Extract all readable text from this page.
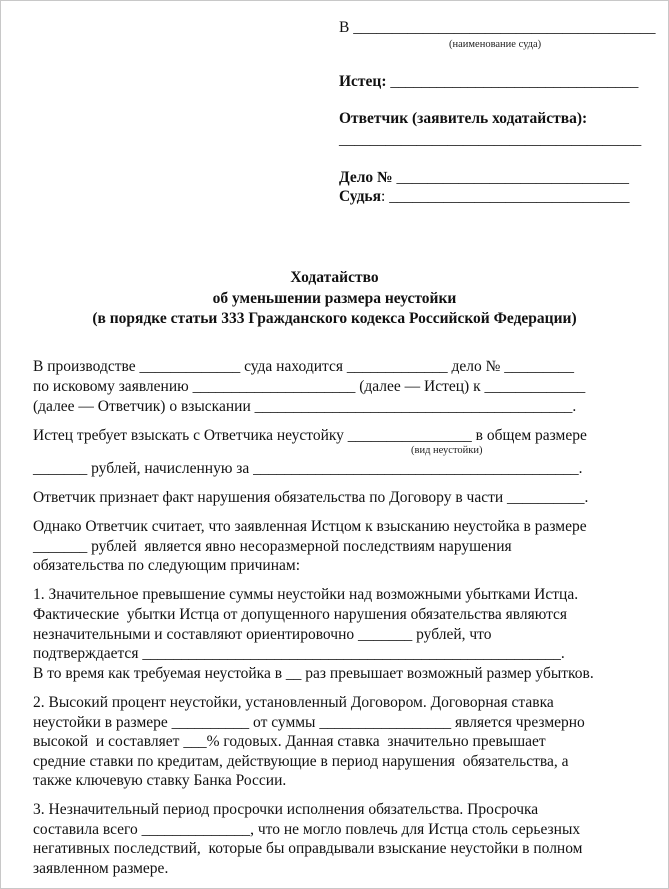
В _______________________________________
(наименование суда)
Истец: ________________________________
Ответчик (заявитель ходатайства):
_______________________________________
Дело № ______________________________
Судья: _______________________________
Ходатайство
об уменьшении размера неустойки
(в порядке статьи 333 Гражданского кодекса Российской Федерации)
В производстве _____________ суда находится _____________ дело № _________
по исковому заявлению _____________________ (далее — Истец) к _____________
(далее — Ответчик) о взыскании _________________________________________.
Истец требует взыскать с Ответчика неустойку ________________ в общем размере
(вид неустойки)
_______ рублей, начисленную за __________________________________________.
Ответчик признает факт нарушения обязательства по Договору в части __________.
Однако Ответчик считает, что заявленная Истцом к взысканию неустойка в размере
_______ рублей  является явно несоразмерной последствиям нарушения
обязательства по следующим причинам:
1. Значительное превышение суммы неустойки над возможными убытками Истца.
Фактические  убытки Истца от допущенного нарушения обязательства являются
незначительными и составляют ориентировочно _______ рублей, что
подтверждается ______________________________________________________.
В то время как требуемая неустойка в __ раз превышает возможный размер убытков.
2. Высокий процент неустойки, установленный Договором. Договорная ставка
неустойки в размере __________ от суммы _________________ является чрезмерно
высокой  и составляет ___% годовых. Данная ставка  значительно превышает
средние ставки по кредитам, действующие в период нарушения  обязательства, а
также ключевую ставку Банка России.
3. Незначительный период просрочки исполнения обязательства. Просрочка
составила всего ______________, что не могло повлечь для Истца столь серьезных
негативных последствий,  которые бы оправдывали взыскание неустойки в полном
заявленном размере.
